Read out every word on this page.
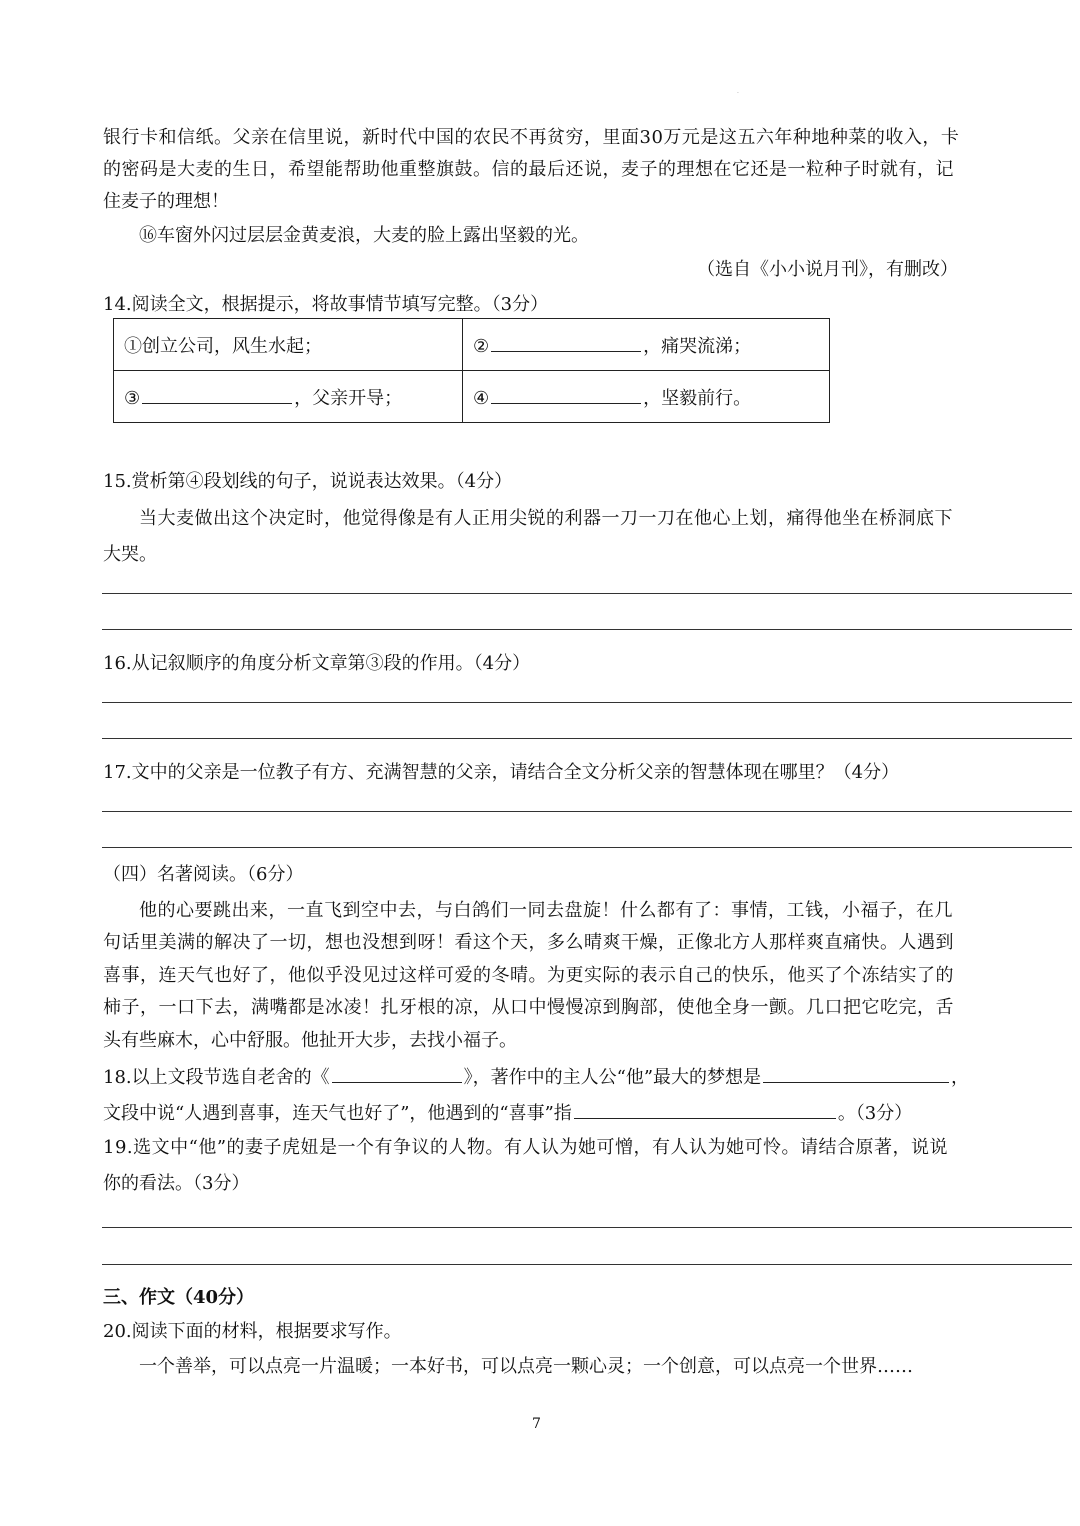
·
银行卡和信纸。父亲在信里说，新时代中国的农民不再贫穷，里面30万元是这五六年种地种菜的收入，卡
的密码是大麦的生日，希望能帮助他重整旗鼓。信的最后还说，麦子的理想在它还是一粒种子时就有，记
住麦子的理想！
⑯车窗外闪过层层金黄麦浪，大麦的脸上露出坚毅的光。
（选自《小小说月刊》，有删改）
14.阅读全文，根据提示，将故事情节填写完整。（3分）
①创立公司，风生水起；	② ，痛哭流涕；
③ ，父亲开导；	④ ，坚毅前行。
15.赏析第④段划线的句子，说说表达效果。（4分）
当大麦做出这个决定时，他觉得像是有人正用尖锐的利器一刀一刀在他心上划，痛得他坐在桥洞底下
大哭。
16.从记叙顺序的角度分析文章第③段的作用。（4分）
17.文中的父亲是一位教子有方、充满智慧的父亲，请结合全文分析父亲的智慧体现在哪里？（4分）
（四）名著阅读。（6分）
他的心要跳出来，一直飞到空中去，与白鸽们一同去盘旋！什么都有了：事情，工钱，小福子，在几
句话里美满的解决了一切，想也没想到呀！看这个天，多么晴爽干燥，正像北方人那样爽直痛快。人遇到
喜事，连天气也好了，他似乎没见过这样可爱的冬晴。为更实际的表示自己的快乐，他买了个冻结实了的
柿子，一口下去，满嘴都是冰凌！扎牙根的凉，从口中慢慢凉到胸部，使他全身一颤。几口把它吃完，舌
头有些麻木，心中舒服。他扯开大步，去找小福子。
18.以上文段节选自老舍的《	》，著作中的主人公“他”最大的梦想是	，
文段中说“人遇到喜事，连天气也好了”，他遇到的“喜事”指	。（3分）
19.选文中“他”的妻子虎妞是一个有争议的人物。有人认为她可憎，有人认为她可怜。请结合原著，说说
你的看法。（3分）
三、作文（40分）
20.阅读下面的材料，根据要求写作。
一个善举，可以点亮一片温暖；一本好书，可以点亮一颗心灵；一个创意，可以点亮一个世界……
7
